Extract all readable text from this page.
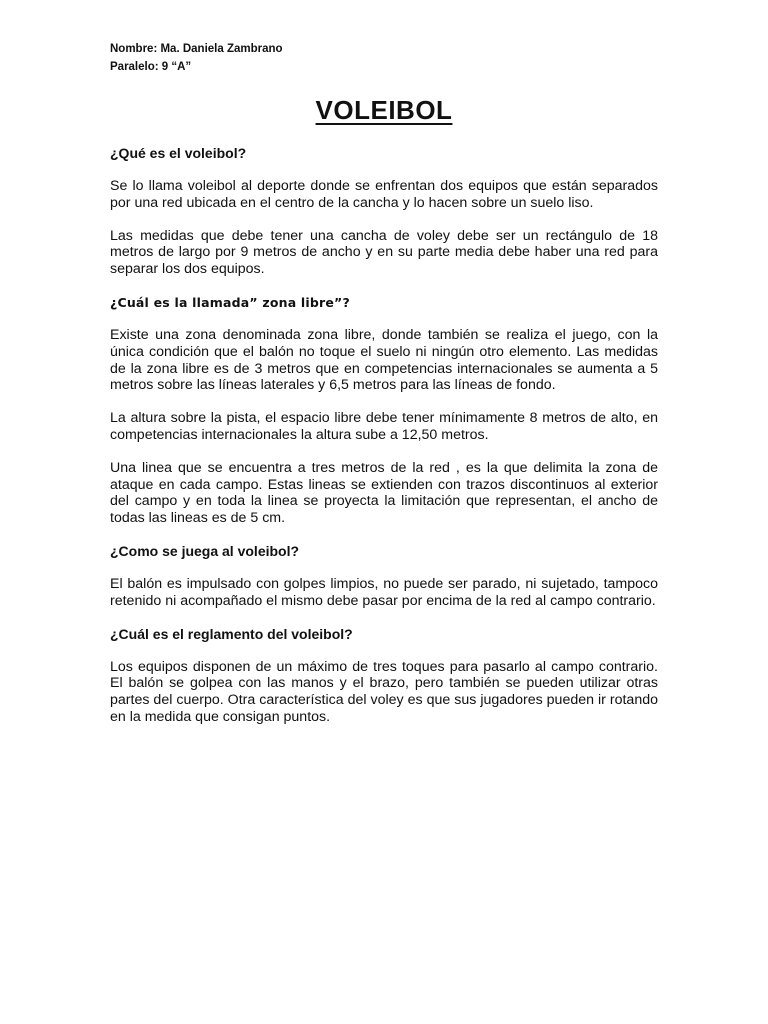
Nombre: Ma. Daniela Zambrano
Paralelo: 9 “A”
VOLEIBOL
¿Qué es el voleibol?

Se lo llama voleibol al deporte donde se enfrentan dos equipos que están separados por una red ubicada en el centro de la cancha y lo hacen sobre un suelo liso.

Las medidas que debe tener una cancha de voley debe ser un rectángulo de 18 metros de largo por 9 metros de ancho y en su parte media debe haber una red para separar los dos equipos.

¿Cuál es la llamada” zona libre”?

Existe una zona denominada zona libre, donde también se realiza el juego, con la única condición que el balón no toque el suelo ni ningún otro elemento. Las medidas de la zona libre es de 3 metros que en competencias internacionales se aumenta a 5 metros sobre las líneas laterales y 6,5 metros para las líneas de fondo.

La altura sobre la pista, el espacio libre debe tener mínimamente 8 metros de alto, en competencias internacionales la altura sube a 12,50 metros.

Una linea que se encuentra a tres metros de la red , es la que delimita la zona de ataque en cada campo. Estas lineas se extienden con trazos discontinuos al exterior del campo y en toda la linea se proyecta la limitación que representan, el ancho de todas las lineas es de 5 cm.

¿Como se juega al voleibol?

El balón es impulsado con golpes limpios, no puede ser parado, ni sujetado, tampoco retenido ni acompañado el mismo debe pasar por encima de la red al campo contrario.

¿Cuál es el reglamento del voleibol?

Los equipos disponen de un máximo de tres toques para pasarlo al campo contrario. El balón se golpea con las manos y el brazo, pero también se pueden utilizar otras partes del cuerpo. Otra característica del voley es que sus jugadores pueden ir rotando en la medida que consigan puntos.
